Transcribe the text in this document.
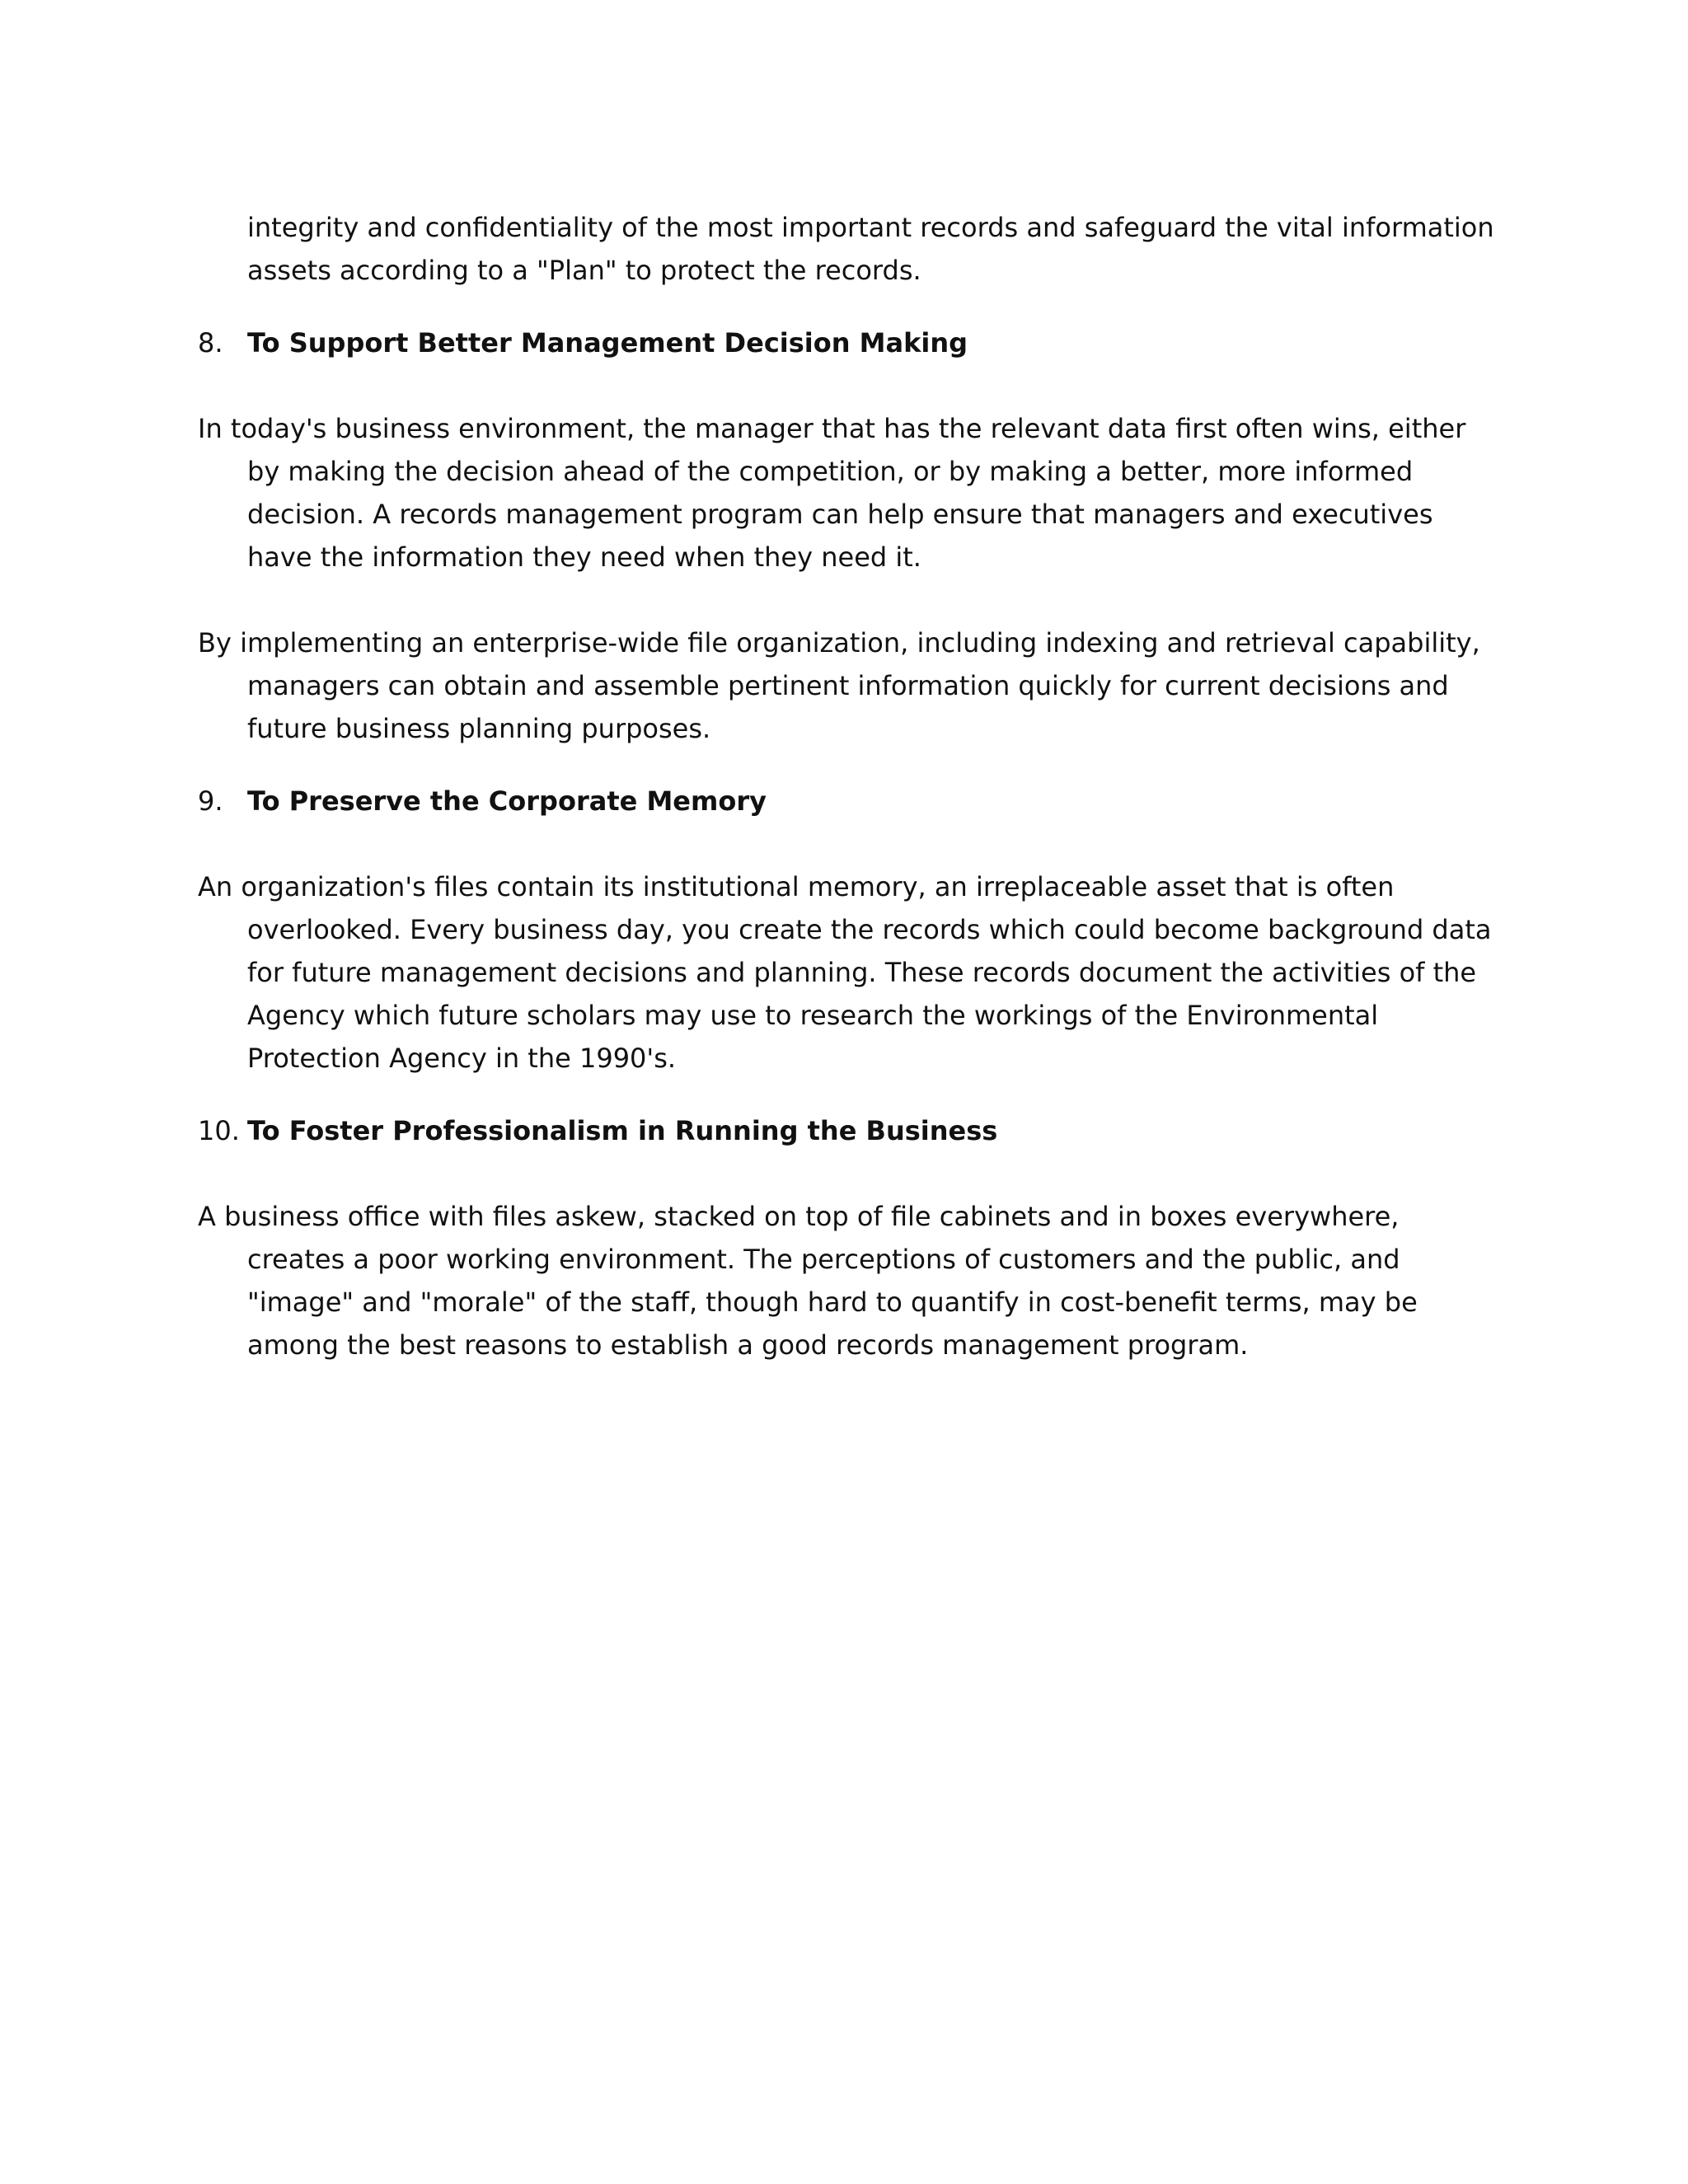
integrity and confidentiality of the most important records and safeguard the vital information assets according to a "Plan" to protect the records.

8. To Support Better Management Decision Making

In today's business environment, the manager that has the relevant data first often wins, either by making the decision ahead of the competition, or by making a better, more informed decision. A records management program can help ensure that managers and executives have the information they need when they need it.

By implementing an enterprise-wide file organization, including indexing and retrieval capability, managers can obtain and assemble pertinent information quickly for current decisions and future business planning purposes.

9. To Preserve the Corporate Memory

An organization's files contain its institutional memory, an irreplaceable asset that is often overlooked. Every business day, you create the records which could become background data for future management decisions and planning. These records document the activities of the Agency which future scholars may use to research the workings of the Environmental Protection Agency in the 1990's.

10. To Foster Professionalism in Running the Business

A business office with files askew, stacked on top of file cabinets and in boxes everywhere, creates a poor working environment. The perceptions of customers and the public, and "image" and "morale" of the staff, though hard to quantify in cost-benefit terms, may be among the best reasons to establish a good records management program.
